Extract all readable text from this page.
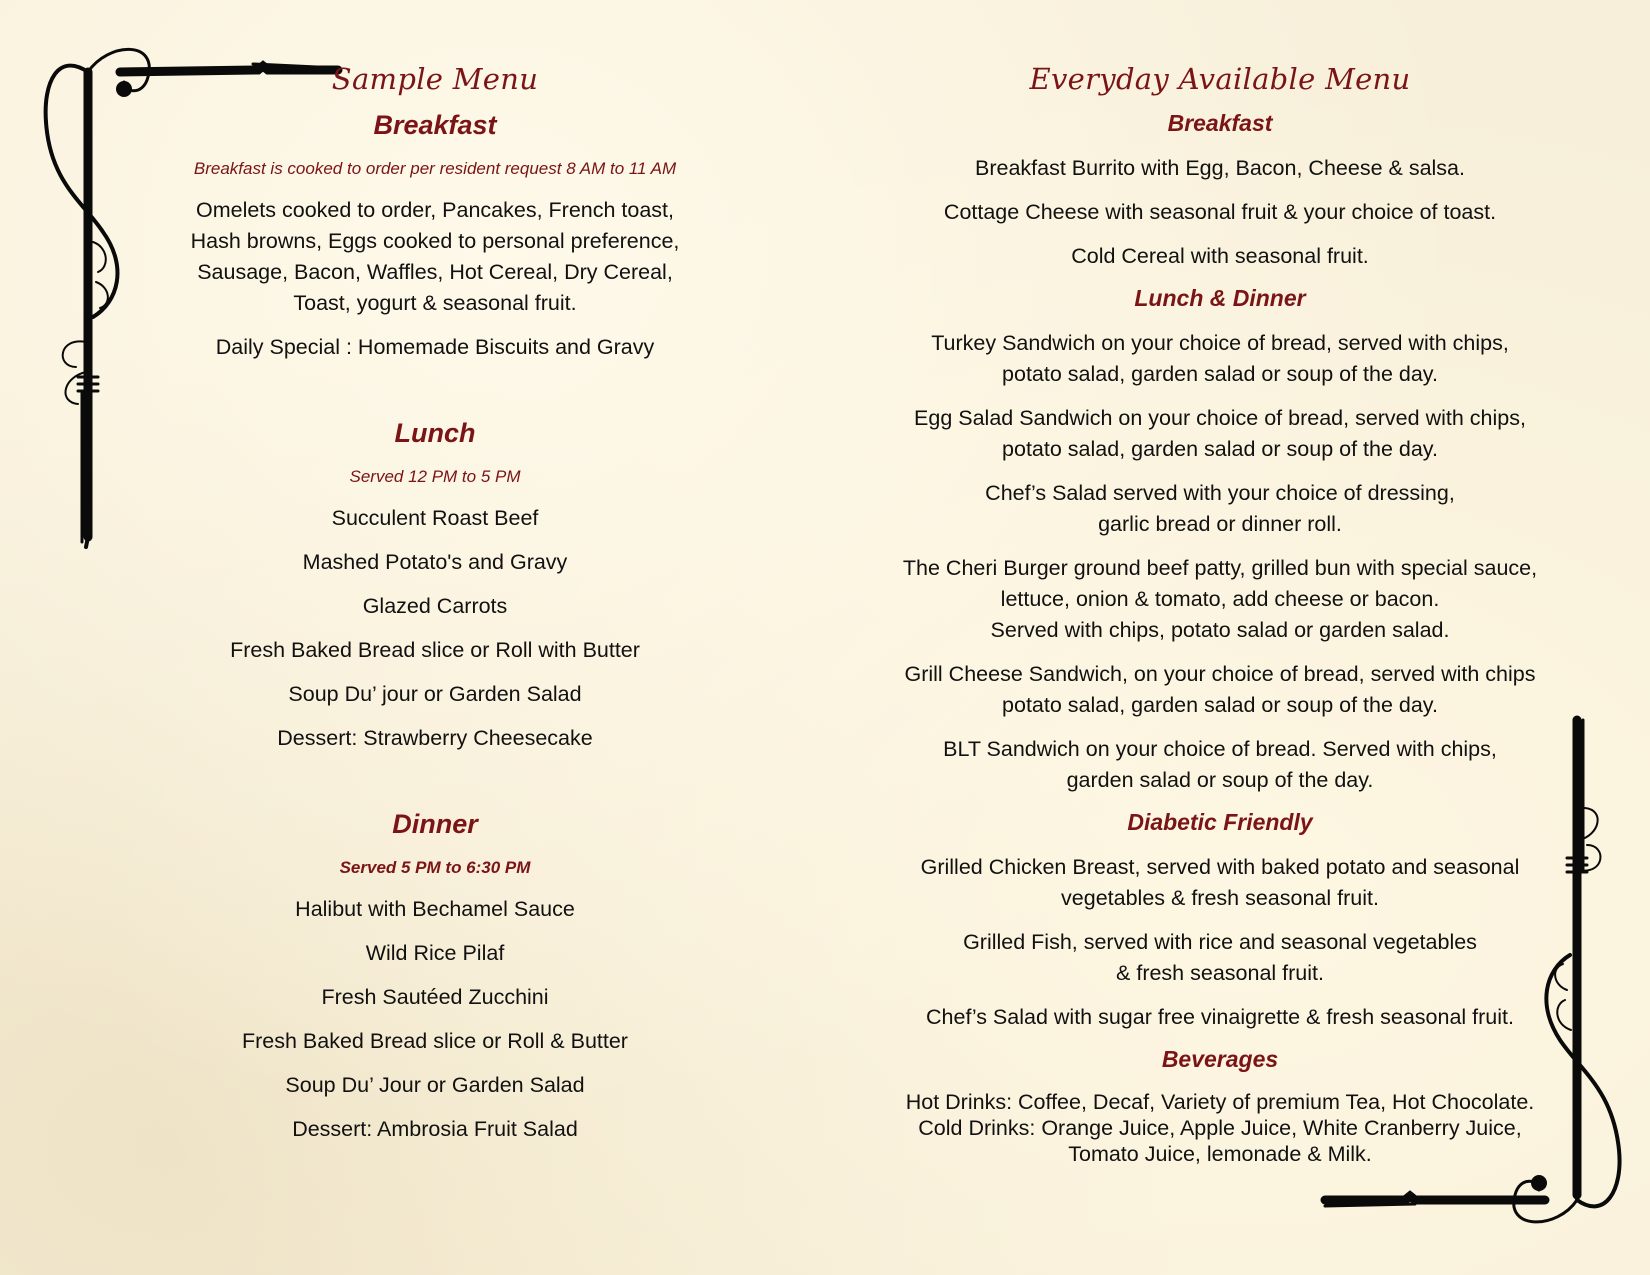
Sample Menu
Breakfast
Breakfast is cooked to order per resident request 8 AM to 11 AM
Omelets cooked to order, Pancakes, French toast,
Hash browns, Eggs cooked to personal preference,
Sausage, Bacon, Waffles, Hot Cereal, Dry Cereal,
Toast, yogurt & seasonal fruit.
Daily Special : Homemade Biscuits and Gravy
Lunch
Served 12 PM to 5 PM
Succulent Roast Beef
Mashed Potato's and Gravy
Glazed Carrots
Fresh Baked Bread slice or Roll with Butter
Soup Du’ jour or Garden Salad
Dessert: Strawberry Cheesecake
Dinner
Served 5 PM to 6:30 PM
Halibut with Bechamel Sauce
Wild Rice Pilaf
Fresh Sautéed Zucchini
Fresh Baked Bread slice or Roll & Butter
Soup Du’ Jour or Garden Salad
Dessert: Ambrosia Fruit Salad
Everyday Available Menu
Breakfast
Breakfast Burrito with Egg, Bacon, Cheese & salsa.
Cottage Cheese with seasonal fruit & your choice of toast.
Cold Cereal with seasonal fruit.
Lunch & Dinner
Turkey Sandwich on your choice of bread, served with chips,
potato salad, garden salad or soup of the day.
Egg Salad Sandwich on your choice of bread, served with chips,
potato salad, garden salad or soup of the day.
Chef’s Salad served with your choice of dressing,
garlic bread or dinner roll.
The Cheri Burger ground beef patty, grilled bun with special sauce,
lettuce, onion & tomato, add cheese or bacon.
Served with chips, potato salad or garden salad.
Grill Cheese Sandwich, on your choice of bread, served with chips
potato salad, garden salad or soup of the day.
BLT Sandwich on your choice of bread. Served with chips,
garden salad or soup of the day.
Diabetic Friendly
Grilled Chicken Breast, served with baked potato and seasonal
vegetables & fresh seasonal fruit.
Grilled Fish, served with rice and seasonal vegetables
& fresh seasonal fruit.
Chef’s Salad with sugar free vinaigrette & fresh seasonal fruit.
Beverages
Hot Drinks: Coffee, Decaf, Variety of premium Tea, Hot Chocolate.
Cold Drinks: Orange Juice, Apple Juice, White Cranberry Juice,
Tomato Juice, lemonade & Milk.
